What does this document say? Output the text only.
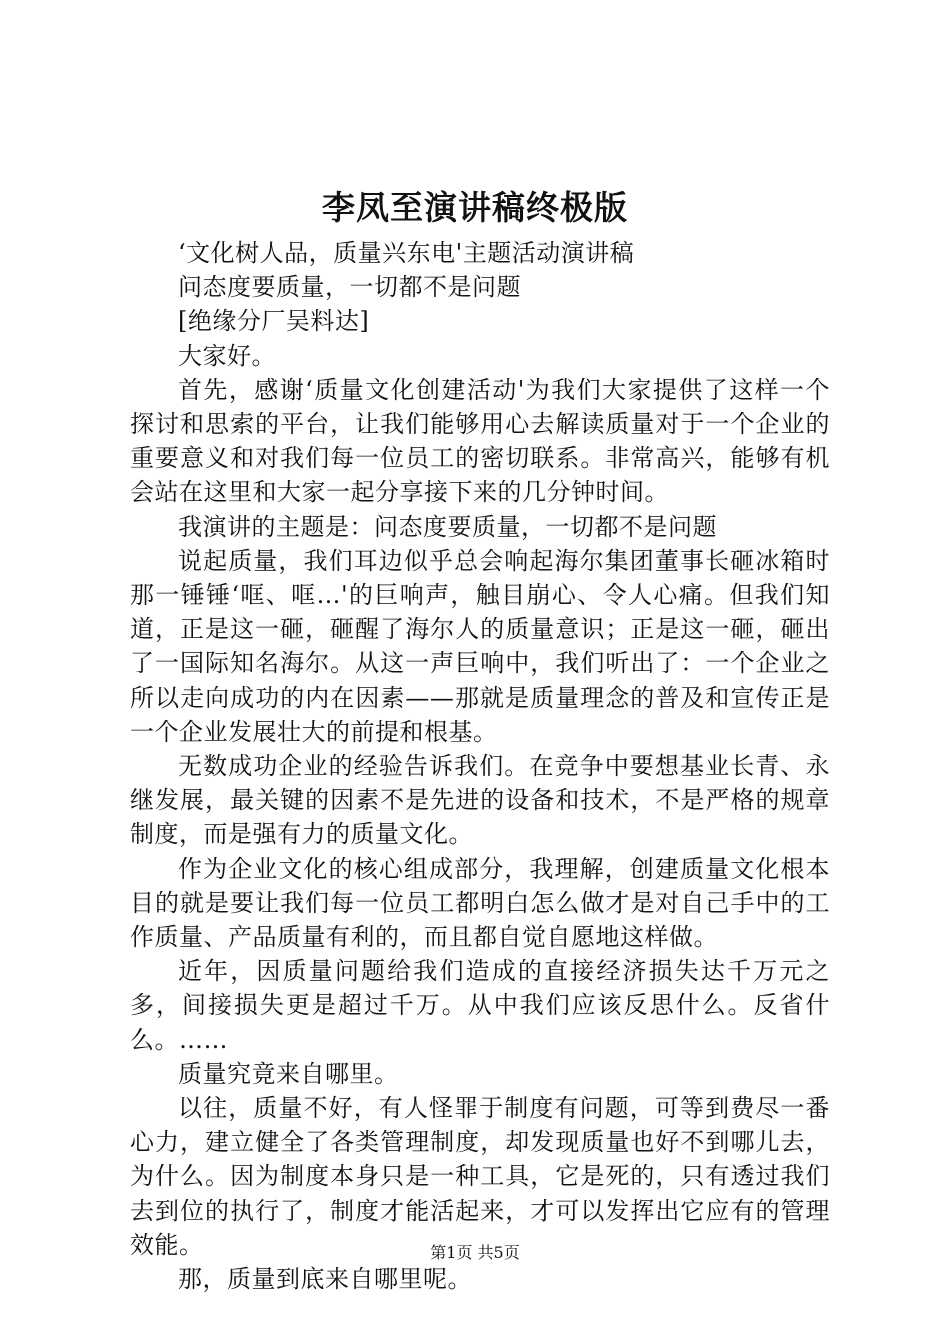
李凤至演讲稿终极版

‘文化树人品，质量兴东电'主题活动演讲稿

问态度要质量，一切都不是问题

[绝缘分厂吴料达]

大家好。

首先，感谢‘质量文化创建活动'为我们大家提供了这样一个探讨和思索的平台，让我们能够用心去解读质量对于一个企业的重要意义和对我们每一位员工的密切联系。非常高兴，能够有机会站在这里和大家一起分享接下来的几分钟时间。

我演讲的主题是：问态度要质量，一切都不是问题

说起质量，我们耳边似乎总会响起海尔集团董事长砸冰箱时那一锤锤‘哐、哐…'的巨响声，触目崩心、令人心痛。但我们知道，正是这一砸，砸醒了海尔人的质量意识；正是这一砸，砸出了一国际知名海尔。从这一声巨响中，我们听出了：一个企业之所以走向成功的内在因素——那就是质量理念的普及和宣传正是一个企业发展壮大的前提和根基。

无数成功企业的经验告诉我们。在竞争中要想基业长青、永继发展，最关键的因素不是先进的设备和技术，不是严格的规章制度，而是强有力的质量文化。

作为企业文化的核心组成部分，我理解，创建质量文化根本目的就是要让我们每一位员工都明白怎么做才是对自己手中的工作质量、产品质量有利的，而且都自觉自愿地这样做。

近年，因质量问题给我们造成的直接经济损失达千万元之多，间接损失更是超过千万。从中我们应该反思什么。反省什么。……

质量究竟来自哪里。

以往，质量不好，有人怪罪于制度有问题，可等到费尽一番心力，建立健全了各类管理制度，却发现质量也好不到哪儿去，为什么。因为制度本身只是一种工具，它是死的，只有透过我们去到位的执行了，制度才能活起来，才可以发挥出它应有的管理效能。

那，质量到底来自哪里呢。

第1页 共5页
